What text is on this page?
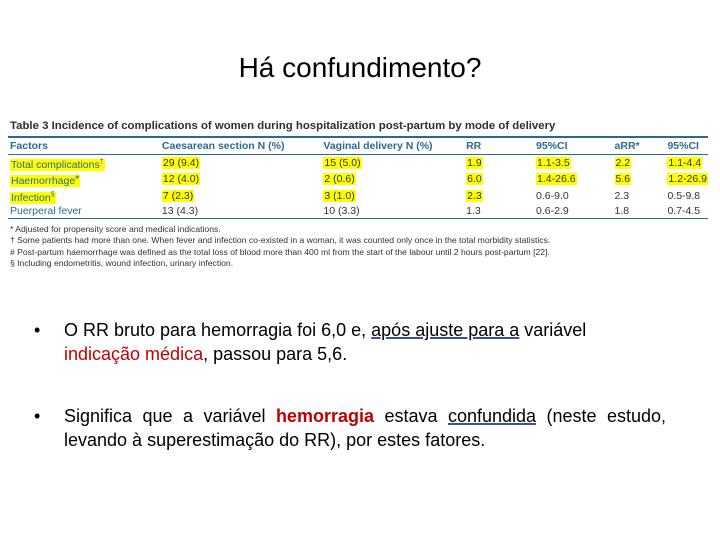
Há confundimento?
Table 3 Incidence of complications of women during hospitalization post-partum by mode of delivery
Factors	Caesarean section N (%)	Vaginal delivery N (%)	RR	95%CI	aRR*	95%CI

Total complications†	29 (9.4)	15 (5.0)	1.9	1.1-3.5	2.2	1.1-4.4
Haemorrhage#	12 (4.0)	2 (0.6)	6.0	1.4-26.6	5.6	1.2-26.9
Infection§	7 (2.3)	3 (1.0)	2.3	0.6-9.0	2.3	0.5-9.8
Puerperal fever	13 (4.3)	10 (3.3)	1.3	0.6-2.9	1.8	0.7-4.5
* Adjusted for propensity score and medical indications.
† Some patients had more than one. When fever and infection co-existed in a woman, it was counted only once in the total morbidity statistics.
# Post-partum haemorrhage was defined as the total loss of blood more than 400 ml from the start of the labour until 2 hours post-partum [22].
§ Including endometritis, wound infection, urinary infection.
• O RR bruto para hemorragia foi 6,0 e, após ajuste para a variável indicação médica, passou para 5,6.
• Significa que a variável hemorragia estava confundida (neste estudo, levando à superestimação do RR), por estes fatores.
